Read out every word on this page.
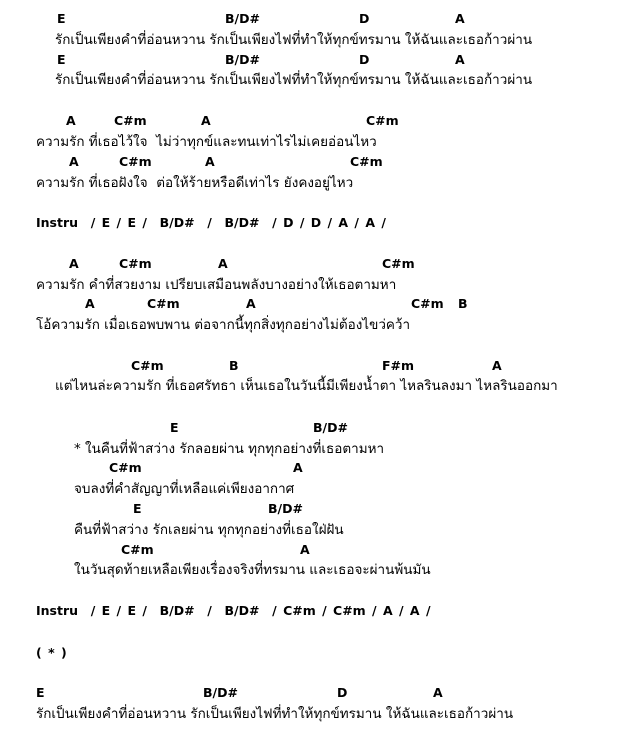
E	B/D#	D	A
รักเป็นเพียงคำที่อ่อนหวาน รักเป็นเพียงไฟที่ทำให้ทุกข์ทรมาน ให้ฉันและเธอก้าวผ่าน
E	B/D#	D	A
รักเป็นเพียงคำที่อ่อนหวาน รักเป็นเพียงไฟที่ทำให้ทุกข์ทรมาน ให้ฉันและเธอก้าวผ่าน
A	C#m	A	C#m
ความรัก ที่เธอไว้ใจ  ไม่ว่าทุกข์และทนเท่าไรไม่เคยอ่อนไหว
A	C#m	A	C#m
ความรัก ที่เธอฝังใจ  ต่อให้ร้ายหรือดีเท่าไร ยังคงอยู่ไหว
Instru  / E / E /  B/D#  /  B/D#  / D / D / A / A /
A	C#m	A	C#m
ความรัก คำที่สวยงาม เปรียบเสมือนพลังบางอย่างให้เธอตามหา
A	C#m	A	C#m B
โอ้ความรัก เมื่อเธอพบพาน ต่อจากนี้ทุกสิ่งทุกอย่างไม่ต้องไขว่คว้า
C#m	B	F#m	A
แต่ไหนล่ะความรัก ที่เธอศรัทธา เห็นเธอในวันนี้มีเพียงน้ำตา ไหลรินลงมา ไหลรินออกมา
E	B/D#
* ในคืนที่ฟ้าสว่าง รักลอยผ่าน ทุกทุกอย่างที่เธอตามหา
C#m	A
จบลงที่คำสัญญาที่เหลือแค่เพียงอากาศ
E	B/D#
คืนที่ฟ้าสว่าง รักเลยผ่าน ทุกทุกอย่างที่เธอใฝ่ฝัน
C#m	A
ในวันสุดท้ายเหลือเพียงเรื่องจริงที่ทรมาน และเธอจะผ่านพ้นมัน
Instru  / E / E /  B/D#  /  B/D#  / C#m / C#m / A / A /
( * )
E	B/D#	D	A
รักเป็นเพียงคำที่อ่อนหวาน รักเป็นเพียงไฟที่ทำให้ทุกข์ทรมาน ให้ฉันและเธอก้าวผ่าน
